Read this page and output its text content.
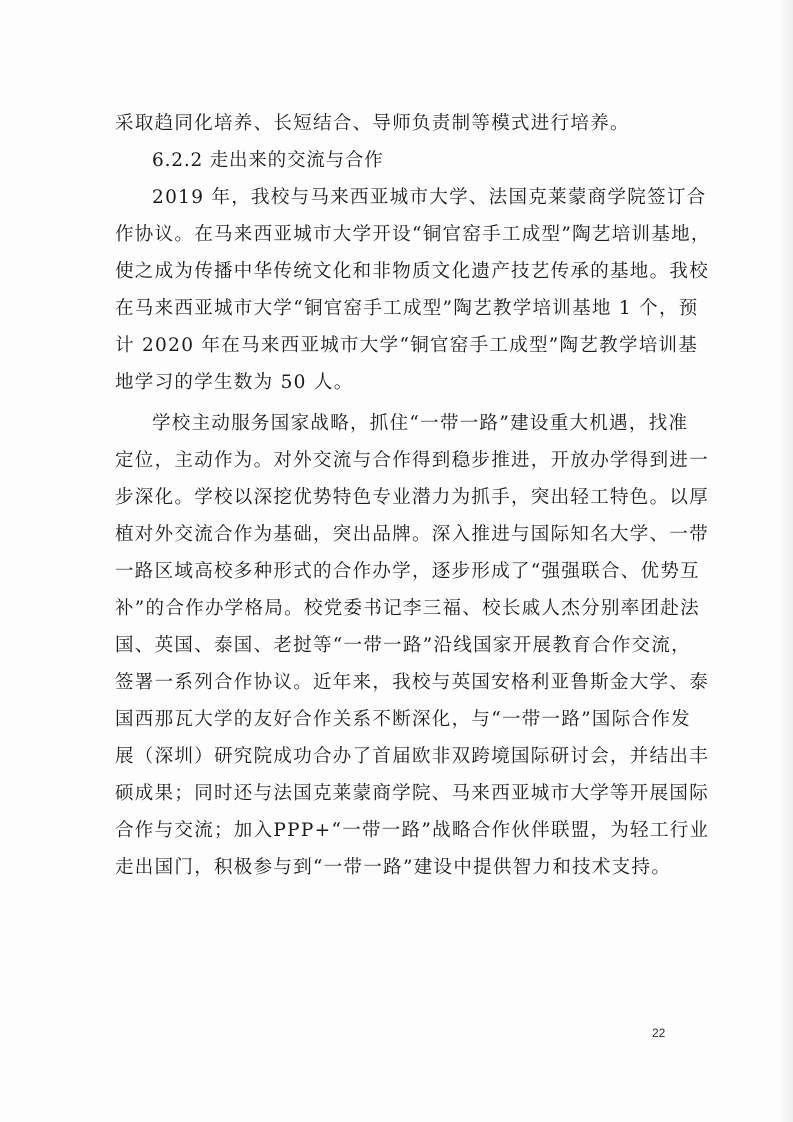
采取趋同化培养、长短结合、导师负责制等模式进行培养。
6.2.2 走出来的交流与合作
2019 年，我校与马来西亚城市大学、法国克莱蒙商学院签订合
作协议。在马来西亚城市大学开设“铜官窑手工成型”陶艺培训基地，
使之成为传播中华传统文化和非物质文化遗产技艺传承的基地。我校
在马来西亚城市大学“铜官窑手工成型”陶艺教学培训基地 1 个，预
计 2020 年在马来西亚城市大学“铜官窑手工成型”陶艺教学培训基
地学习的学生数为 50 人。
学校主动服务国家战略，抓住“一带一路”建设重大机遇，找准
定位，主动作为。对外交流与合作得到稳步推进，开放办学得到进一
步深化。学校以深挖优势特色专业潜力为抓手，突出轻工特色。以厚
植对外交流合作为基础，突出品牌。深入推进与国际知名大学、一带
一路区域高校多种形式的合作办学，逐步形成了“强强联合、优势互
补”的合作办学格局。校党委书记李三福、校长戚人杰分别率团赴法
国、英国、泰国、老挝等“一带一路”沿线国家开展教育合作交流，
签署一系列合作协议。近年来，我校与英国安格利亚鲁斯金大学、泰
国西那瓦大学的友好合作关系不断深化，与“一带一路”国际合作发
展（深圳）研究院成功合办了首届欧非双跨境国际研讨会，并结出丰
硕成果；同时还与法国克莱蒙商学院、马来西亚城市大学等开展国际
合作与交流；加入PPP+“一带一路”战略合作伙伴联盟，为轻工行业
走出国门，积极参与到“一带一路”建设中提供智力和技术支持。
22
